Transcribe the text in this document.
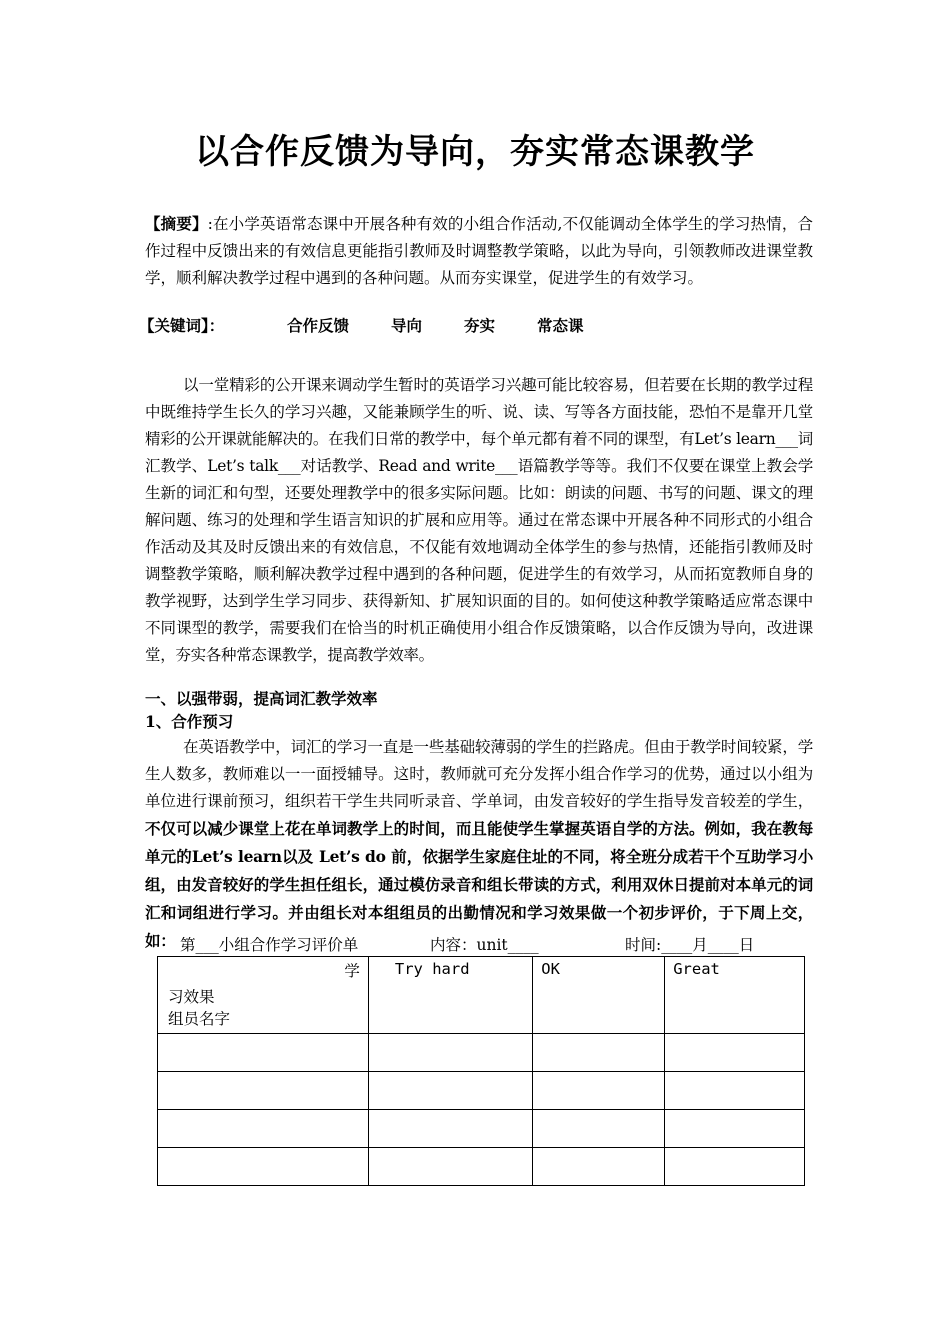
以合作反馈为导向，夯实常态课教学
【摘要】:在小学英语常态课中开展各种有效的小组合作活动,不仅能调动全体学生的学习热情，合作过程中反馈出来的有效信息更能指引教师及时调整教学策略，以此为导向，引领教师改进课堂教学，顺利解决教学过程中遇到的各种问题。从而夯实课堂，促进学生的有效学习。
【关键词】：	合作反馈	导向	夯实	常态课
以一堂精彩的公开课来调动学生暂时的英语学习兴趣可能比较容易，但若要在长期的教学过程中既维持学生长久的学习兴趣，又能兼顾学生的听、说、读、写等各方面技能，恐怕不是靠开几堂精彩的公开课就能解决的。在我们日常的教学中，每个单元都有着不同的课型，有Let’s learn___词汇教学、Let’s talk___对话教学、Read and write___语篇教学等等。我们不仅要在课堂上教会学生新的词汇和句型，还要处理教学中的很多实际问题。比如：朗读的问题、书写的问题、课文的理解问题、练习的处理和学生语言知识的扩展和应用等。通过在常态课中开展各种不同形式的小组合作活动及其及时反馈出来的有效信息，不仅能有效地调动全体学生的参与热情，还能指引教师及时调整教学策略，顺利解决教学过程中遇到的各种问题，促进学生的有效学习，从而拓宽教师自身的教学视野，达到学生学习同步、获得新知、扩展知识面的目的。如何使这种教学策略适应常态课中不同课型的教学，需要我们在恰当的时机正确使用小组合作反馈策略，以合作反馈为导向，改进课堂，夯实各种常态课教学，提高教学效率。
一、以强带弱，提高词汇教学效率
1、合作预习
在英语教学中，词汇的学习一直是一些基础较薄弱的学生的拦路虎。但由于教学时间较紧，学生人数多，教师难以一一面授辅导。这时，教师就可充分发挥小组合作学习的优势，通过以小组为单位进行课前预习，组织若干学生共同听录音、学单词，由发音较好的学生指导发音较差的学生，不仅可以减少课堂上花在单词教学上的时间，而且能使学生掌握英语自学的方法。例如，我在教每单元的Let’s learn以及 Let’s do 前，依据学生家庭住址的不同，将全班分成若干个互助学习小组，由发音较好的学生担任组长，通过模仿录音和组长带读的方式，利用双休日提前对本单元的词汇和词组进行学习。并由组长对本组组员的出勤情况和学习效果做一个初步评价，于下周上交，如： 第___小组合作学习评价单	内容：unit____	时间:____月____日
学
习效果
组员名字	Try hard	OK	Great
